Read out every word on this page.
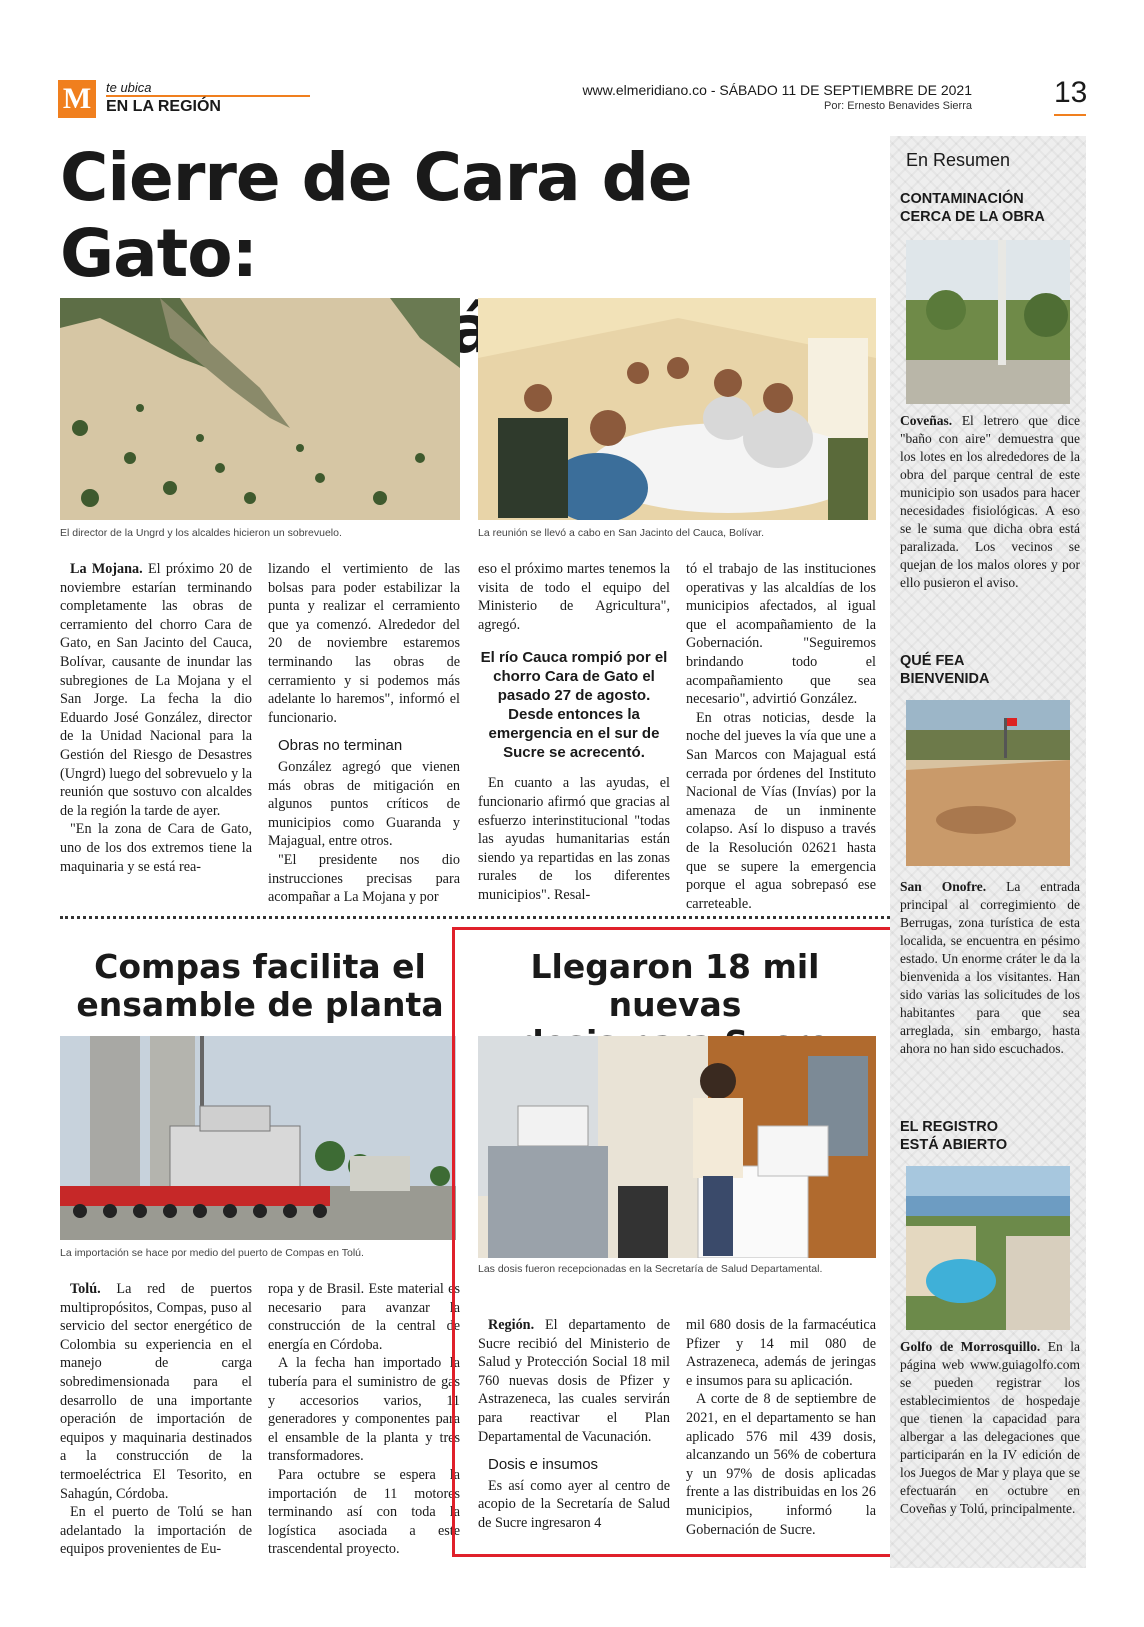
M	te ubica
EN LA REGIÓN
www.elmeridiano.co - SÁBADO 11 DE SEPTIEMBRE DE 2021
Por: Ernesto Benavides Sierra	13
Cierre de Cara de Gato:
El director de la Ungrd y los alcaldes hicieron un sobrevuelo.	La reunión se llevó a cabo en San Jacinto del Cauca, Bolívar.

La Mojana. El próximo 20 de noviembre estarían terminando completamente las obras de cerramiento del chorro Cara de Gato, en San Jacinto del Cauca, Bolívar, causante de inundar las subregiones de La Mojana y el San Jorge. La fecha la dio Eduardo José González, director de la Unidad Nacional para la Gestión del Riesgo de Desastres (Ungrd) luego del sobrevuelo y la reunión que sostuvo con alcaldes de la región la tarde de ayer.

"En la zona de Cara de Gato, uno de los dos extremos tiene la maquinaria y se está rea-

lizando el vertimiento de las bolsas para poder estabilizar la punta y realizar el cerramiento que ya comenzó. Alrededor del 20 de noviembre estaremos terminando las obras de cerramiento y si podemos más adelante lo haremos", informó el funcionario.

Obras no terminan

González agregó que vienen más obras de mitigación en algunos puntos críticos de municipios como Guaranda y Majagual, entre otros.

"El presidente nos dio instrucciones precisas para acompañar a La Mojana y por

eso el próximo martes tenemos la visita de todo el equipo del Ministerio de Agricultura", agregó.

El río Cauca rompió por el chorro Cara de Gato el pasado 27 de agosto. Desde entonces la emergencia en el sur de Sucre se acrecentó.

En cuanto a las ayudas, el funcionario afirmó que gracias al esfuerzo interinstitucional "todas las ayudas humanitarias están siendo ya repartidas en las zonas rurales de los diferentes municipios". Resal-

tó el trabajo de las instituciones operativas y las alcaldías de los municipios afectados, al igual que el acompañamiento de la Gobernación. "Seguiremos brindando todo el acompañamiento que sea necesario", advirtió González.

En otras noticias, desde la noche del jueves la vía que une a San Marcos con Majagual está cerrada por órdenes del Instituto Nacional de Vías (Invías) por la amenaza de un inminente colapso. Así lo dispuso a través de la Resolución 02621 hasta que se supere la emergencia porque el agua sobrepasó ese carreteable.

Compas facilita el
ensamble de planta
La importación se hace por medio del puerto de Compas en Tolú.

Tolú. La red de puertos multipropósitos, Compas, puso al servicio del sector energético de Colombia su experiencia en el manejo de carga sobredimensionada para el desarrollo de una importante operación de importación de equipos y maquinaria destinados a la construcción de la termoeléctrica El Tesorito, en Sahagún, Córdoba.

En el puerto de Tolú se han adelantado la importación de equipos provenientes de Eu-

ropa y de Brasil. Este material es necesario para avanzar la construcción de la central de energía en Córdoba.

A la fecha han importado la tubería para el suministro de gas y accesorios varios, 11 generadores y componentes para el ensamble de la planta y tres transformadores.

Para octubre se espera la importación de 11 motores terminando así con toda la logística asociada a este trascendental proyecto.

Llegaron 18 mil nuevas
Las dosis fueron recepcionadas en la Secretaría de Salud Departamental.

Región. El departamento de Sucre recibió del Ministerio de Salud y Protección Social 18 mil 760 nuevas dosis de Pfizer y Astrazeneca, las cuales servirán para reactivar el Plan Departamental de Vacunación.

Dosis e insumos

Es así como ayer al centro de acopio de la Secretaría de Salud de Sucre ingresaron 4

mil 680 dosis de la farmacéutica Pfizer y 14 mil 080 de Astrazeneca, además de jeringas e insumos para su aplicación.

A corte de 8 de septiembre de 2021, en el departamento se han aplicado 576 mil 439 dosis, alcanzando un 56% de cobertura y un 97% de dosis aplicadas frente a las distribuidas en los 26 municipios, informó la Gobernación de Sucre.

En Resumen
CONTAMINACIÓN
CERCA DE LA OBRA
Coveñas. El letrero que dice "baño con aire" demuestra que los lotes en los alrededores de la obra del parque central de este municipio son usados para hacer necesidades fisiológicas. A eso se le suma que dicha obra está paralizada. Los vecinos se quejan de los malos olores y por ello pusieron el aviso.
QUÉ FEA
BIENVENIDA
San Onofre. La entrada principal al corregimiento de Berrugas, zona turística de esta localida, se encuentra en pésimo estado. Un enorme cráter le da la bienvenida a los visitantes. Han sido varias las solicitudes de los habitantes para que sea arreglada, sin embargo, hasta ahora no han sido escuchados.
EL REGISTRO
ESTÁ ABIERTO
Golfo de Morrosquillo. En la página web www.guiagolfo.com se pueden registrar los establecimientos de hospedaje que tienen la capacidad para albergar a las delegaciones que participarán en la IV edición de los Juegos de Mar y playa que se efectuarán en octubre en Coveñas y Tolú, principalmente.
